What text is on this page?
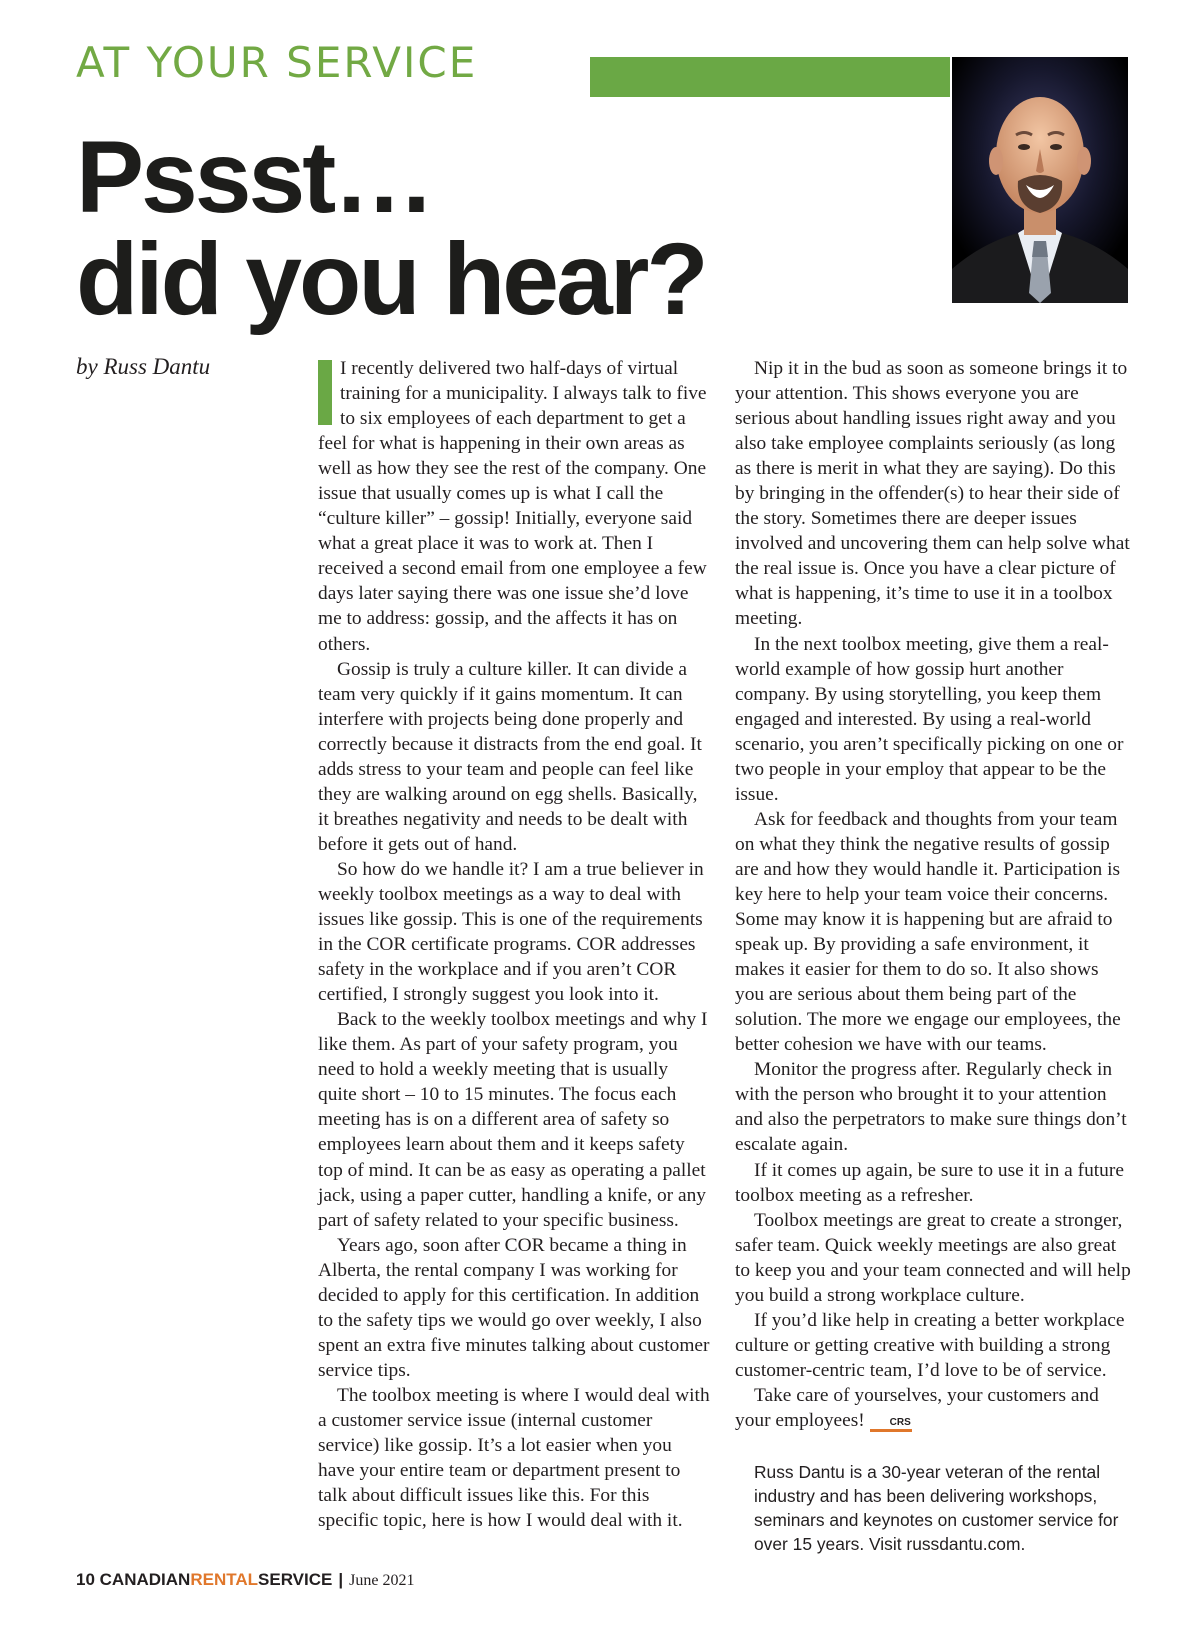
AT YOUR SERVICE
Pssst…
did you hear?
by Russ Dantu	I recently delivered two half-days of virtual training for a municipality. I always talk to five to six employees of each department to get a feel for what is happening in their own areas as well as how they see the rest of the company. One issue that usually comes up is what I call the “culture killer” – gossip! Initially, everyone said what a great place it was to work at. Then I received a second email from one employee a few days later saying there was one issue she’d love me to address: gossip, and the affects it has on others.

Gossip is truly a culture killer. It can divide a team very quickly if it gains momentum. It can interfere with projects being done properly and correctly because it distracts from the end goal. It adds stress to your team and people can feel like they are walking around on egg shells. Basically, it breathes negativity and needs to be dealt with before it gets out of hand.

So how do we handle it? I am a true believer in weekly toolbox meetings as a way to deal with issues like gossip. This is one of the requirements in the COR certificate programs. COR addresses safety in the workplace and if you aren’t COR certified, I strongly suggest you look into it.

Back to the weekly toolbox meetings and why I like them. As part of your safety program, you need to hold a weekly meeting that is usually quite short – 10 to 15 minutes. The focus each meeting has is on a different area of safety so employees learn about them and it keeps safety top of mind. It can be as easy as operating a pallet jack, using a paper cutter, handling a knife, or any part of safety related to your specific business.

Years ago, soon after COR became a thing in Alberta, the rental company I was working for decided to apply for this certification. In addition to the safety tips we would go over weekly, I also spent an extra five minutes talking about customer service tips.

The toolbox meeting is where I would deal with a customer service issue (internal customer service) like gossip. It’s a lot easier when you have your entire team or department present to talk about difficult issues like this. For this specific topic, here is how I would deal with it.

Nip it in the bud as soon as someone brings it to your attention. This shows everyone you are serious about handling issues right away and you also take employee complaints seriously (as long as there is merit in what they are saying). Do this by bringing in the offender(s) to hear their side of the story. Sometimes there are deeper issues involved and uncovering them can help solve what the real issue is. Once you have a clear picture of what is happening, it’s time to use it in a toolbox meeting.

In the next toolbox meeting, give them a real-world example of how gossip hurt another company. By using storytelling, you keep them engaged and interested. By using a real-world scenario, you aren’t specifically picking on one or two people in your employ that appear to be the issue.

Ask for feedback and thoughts from your team on what they think the negative results of gossip are and how they would handle it. Participation is key here to help your team voice their concerns. Some may know it is happening but are afraid to speak up. By providing a safe environment, it makes it easier for them to do so. It also shows you are serious about them being part of the solution. The more we engage our employees, the better cohesion we have with our teams.

Monitor the progress after. Regularly check in with the person who brought it to your attention and also the perpetrators to make sure things don’t escalate again.

If it comes up again, be sure to use it in a future toolbox meeting as a refresher.

Toolbox meetings are great to create a stronger, safer team. Quick weekly meetings are also great to keep you and your team connected and will help you build a strong workplace culture.

If you’d like help in creating a better workplace culture or getting creative with building a strong customer-centric team, I’d love to be of service.

Take care of yourselves, your customers and your employees! CRS

Russ Dantu is a 30-year veteran of the rental industry and has been delivering workshops, seminars and keynotes on customer service for over 15 years. Visit russdantu.com.
10 CANADIANRENTALSERVICE | June 2021
